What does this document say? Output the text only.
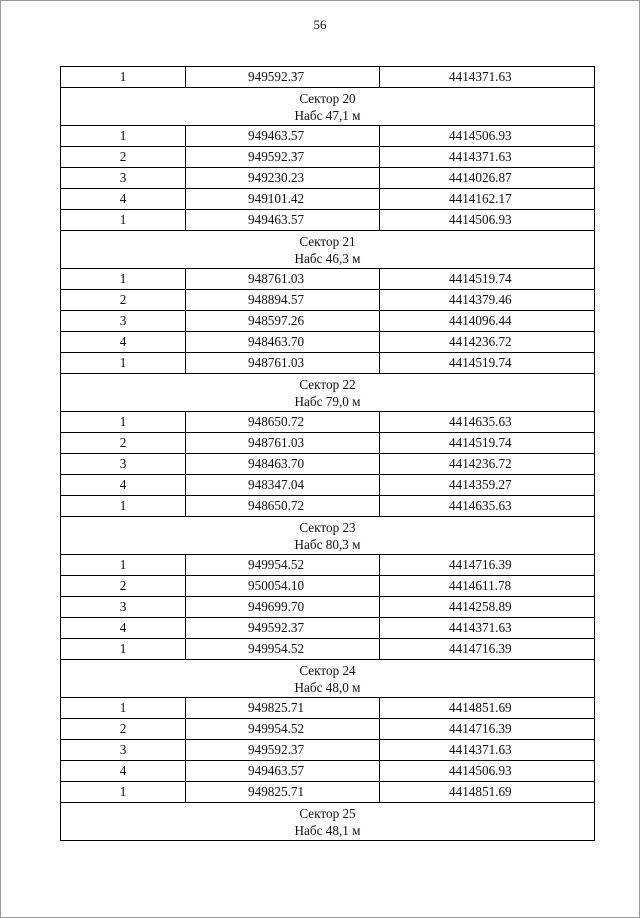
56
1	949592.37	4414371.63

Сектор 20
Набс 47,1 м		

1	949463.57	4414506.93
2	949592.37	4414371.63
3	949230.23	4414026.87
4	949101.42	4414162.17
1	949463.57	4414506.93

Сектор 21
Набс 46,3 м		

1	948761.03	4414519.74
2	948894.57	4414379.46
3	948597.26	4414096.44
4	948463.70	4414236.72
1	948761.03	4414519.74

Сектор 22
Набс 79,0 м		

1	948650.72	4414635.63
2	948761.03	4414519.74
3	948463.70	4414236.72
4	948347.04	4414359.27
1	948650.72	4414635.63

Сектор 23
Набс 80,3 м		

1	949954.52	4414716.39
2	950054.10	4414611.78
3	949699.70	4414258.89
4	949592.37	4414371.63
1	949954.52	4414716.39

Сектор 24
Набс 48,0 м		

1	949825.71	4414851.69
2	949954.52	4414716.39
3	949592.37	4414371.63
4	949463.57	4414506.93
1	949825.71	4414851.69

Сектор 25
Набс 48,1 м		
